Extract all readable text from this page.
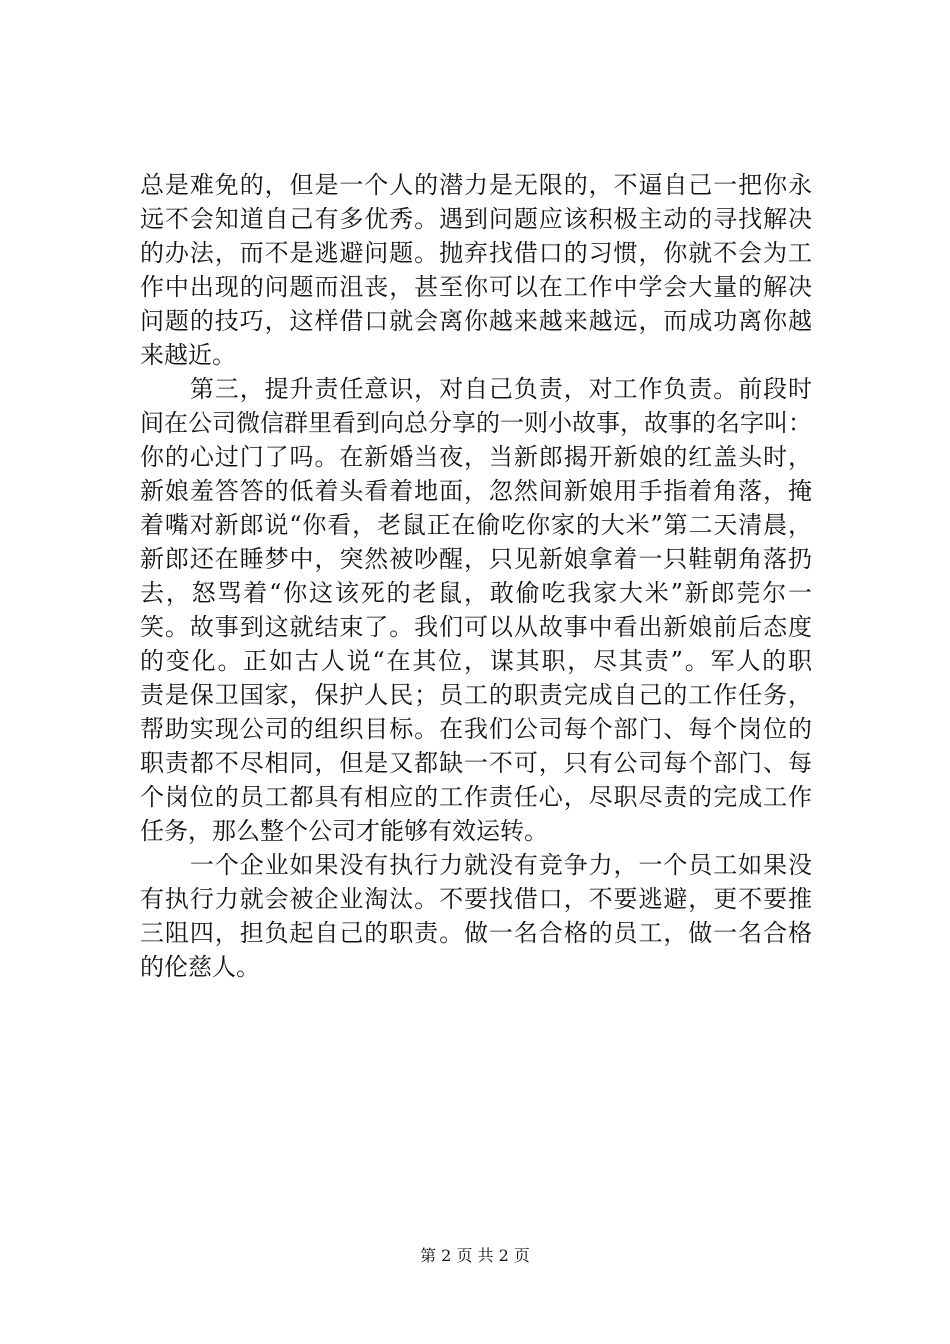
总是难免的，但是一个人的潜力是无限的，不逼自己一把你永
远不会知道自己有多优秀。遇到问题应该积极主动的寻找解决
的办法，而不是逃避问题。抛弃找借口的习惯，你就不会为工
作中出现的问题而沮丧，甚至你可以在工作中学会大量的解决
问题的技巧，这样借口就会离你越来越来越远，而成功离你越
来越近。
　　第三，提升责任意识，对自己负责，对工作负责。前段时
间在公司微信群里看到向总分享的一则小故事，故事的名字叫：
你的心过门了吗。在新婚当夜，当新郎揭开新娘的红盖头时，
新娘羞答答的低着头看着地面，忽然间新娘用手指着角落，掩
着嘴对新郎说“你看，老鼠正在偷吃你家的大米”第二天清晨，
新郎还在睡梦中，突然被吵醒，只见新娘拿着一只鞋朝角落扔
去，怒骂着“你这该死的老鼠，敢偷吃我家大米”新郎莞尔一
笑。故事到这就结束了。我们可以从故事中看出新娘前后态度
的变化。正如古人说“在其位，谋其职，尽其责”。军人的职
责是保卫国家，保护人民；员工的职责完成自己的工作任务，
帮助实现公司的组织目标。在我们公司每个部门、每个岗位的
职责都不尽相同，但是又都缺一不可，只有公司每个部门、每
个岗位的员工都具有相应的工作责任心，尽职尽责的完成工作
任务，那么整个公司才能够有效运转。
　　一个企业如果没有执行力就没有竞争力，一个员工如果没
有执行力就会被企业淘汰。不要找借口，不要逃避，更不要推
三阻四，担负起自己的职责。做一名合格的员工，做一名合格
的伦慈人。
第 2 页 共 2 页
